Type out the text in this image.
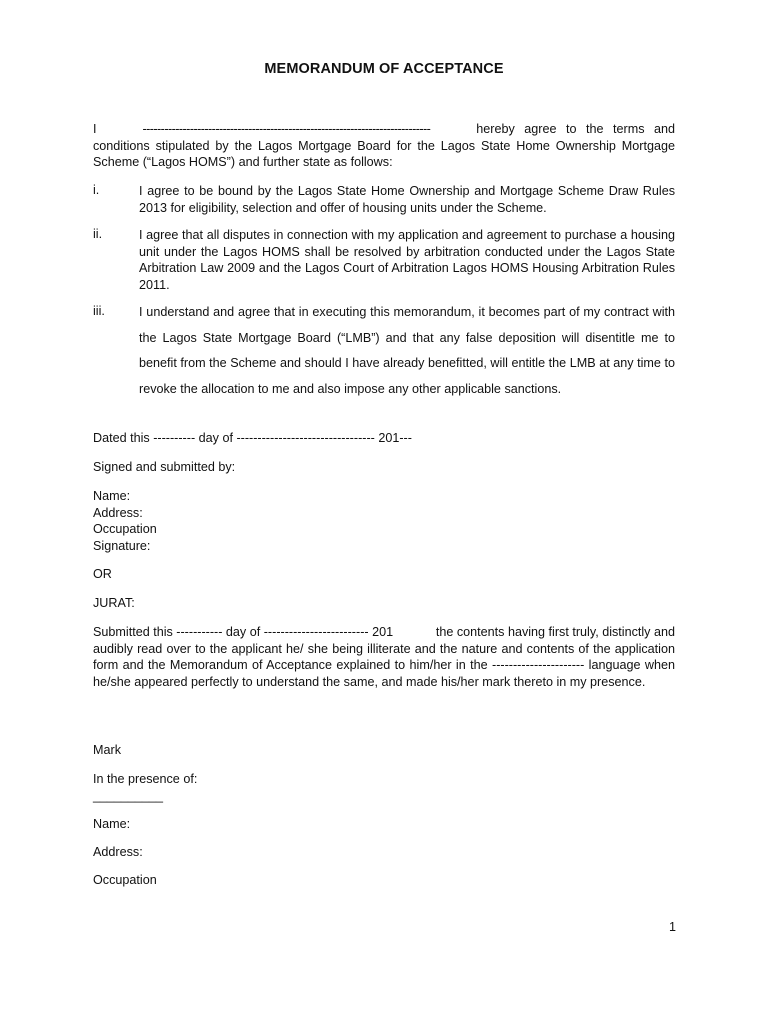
MEMORANDUM OF ACCEPTANCE
I	-------------------------------------------------------------------------------	hereby agree to the terms and
conditions stipulated by the Lagos Mortgage Board for the Lagos State Home Ownership Mortgage Scheme (“Lagos HOMS”) and further state as follows:
i.	I agree to be bound by the Lagos State Home Ownership and Mortgage Scheme Draw Rules 2013 for eligibility, selection and offer of housing units under the Scheme.
ii.	I agree that all disputes in connection with my application and agreement to purchase a housing unit under the Lagos HOMS shall be resolved by arbitration conducted under the Lagos State Arbitration Law 2009 and the Lagos Court of Arbitration Lagos HOMS Housing Arbitration Rules 2011.
iii.	I understand and agree that in executing this memorandum, it becomes part of my contract with the Lagos State Mortgage Board (“LMB”) and that any false deposition will disentitle me to benefit from the Scheme and should I have already benefitted, will entitle the LMB at any time to revoke the allocation to me and also impose any other applicable sanctions.
Dated this ---------- day of --------------------------------- 201---
Signed and submitted by:
Name:
Address:
Occupation
Signature:
OR
JURAT:
Submitted this ----------- day of ------------------------- 201	the contents having first truly, distinctly and
audibly read over to the applicant he/ she being illiterate and the nature and contents of the application form and the Memorandum of Acceptance explained to him/her in the ---------------------- language when he/she appeared perfectly to understand the same, and made his/her mark thereto in my presence.
Mark
In the presence of:
__________
Name:
Address:
Occupation
1
